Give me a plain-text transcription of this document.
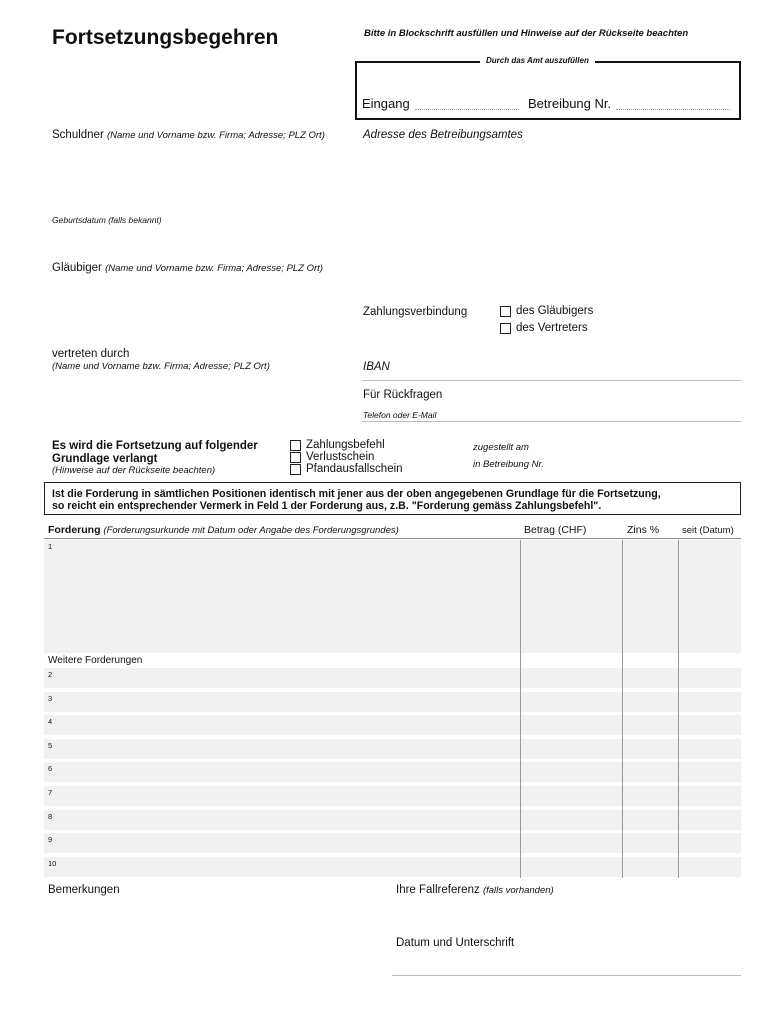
Fortsetzungsbegehren	Bitte in Blockschrift ausfüllen und Hinweise auf der Rückseite beachten
Durch das Amt auszufüllen
Eingang	Betreibung Nr.
Schuldner (Name und Vorname bzw. Firma; Adresse; PLZ Ort)	Adresse des Betreibungsamtes
Geburtsdatum (falls bekannt)
Gläubiger (Name und Vorname bzw. Firma; Adresse; PLZ Ort)
Zahlungsverbindung	des Gläubigers
des Vertreters
vertreten durch
(Name und Vorname bzw. Firma; Adresse; PLZ Ort)	IBAN
Für Rückfragen
Telefon oder E-Mail
Es wird die Fortsetzung auf folgender
Grundlage verlangt
(Hinweise auf der Rückseite beachten)
Zahlungsbefehl
Verlustschein
Pfandausfallschein
zugestellt am
in Betreibung Nr.
Ist die Forderung in sämtlichen Positionen identisch mit jener aus der oben angegebenen Grundlage für die Fortsetzung,
so reicht ein entsprechender Vermerk in Feld 1 der Forderung aus, z.B. "Forderung gemäss Zahlungsbefehl".
Forderung (Forderungsurkunde mit Datum oder Angabe des Forderungsgrundes)	Betrag (CHF)	Zins % seit (Datum)
1
Weitere Forderungen
2
3
4
5
6
7
8
9
10
Bemerkungen	Ihre Fallreferenz (falls vorhanden)
Datum und Unterschrift
